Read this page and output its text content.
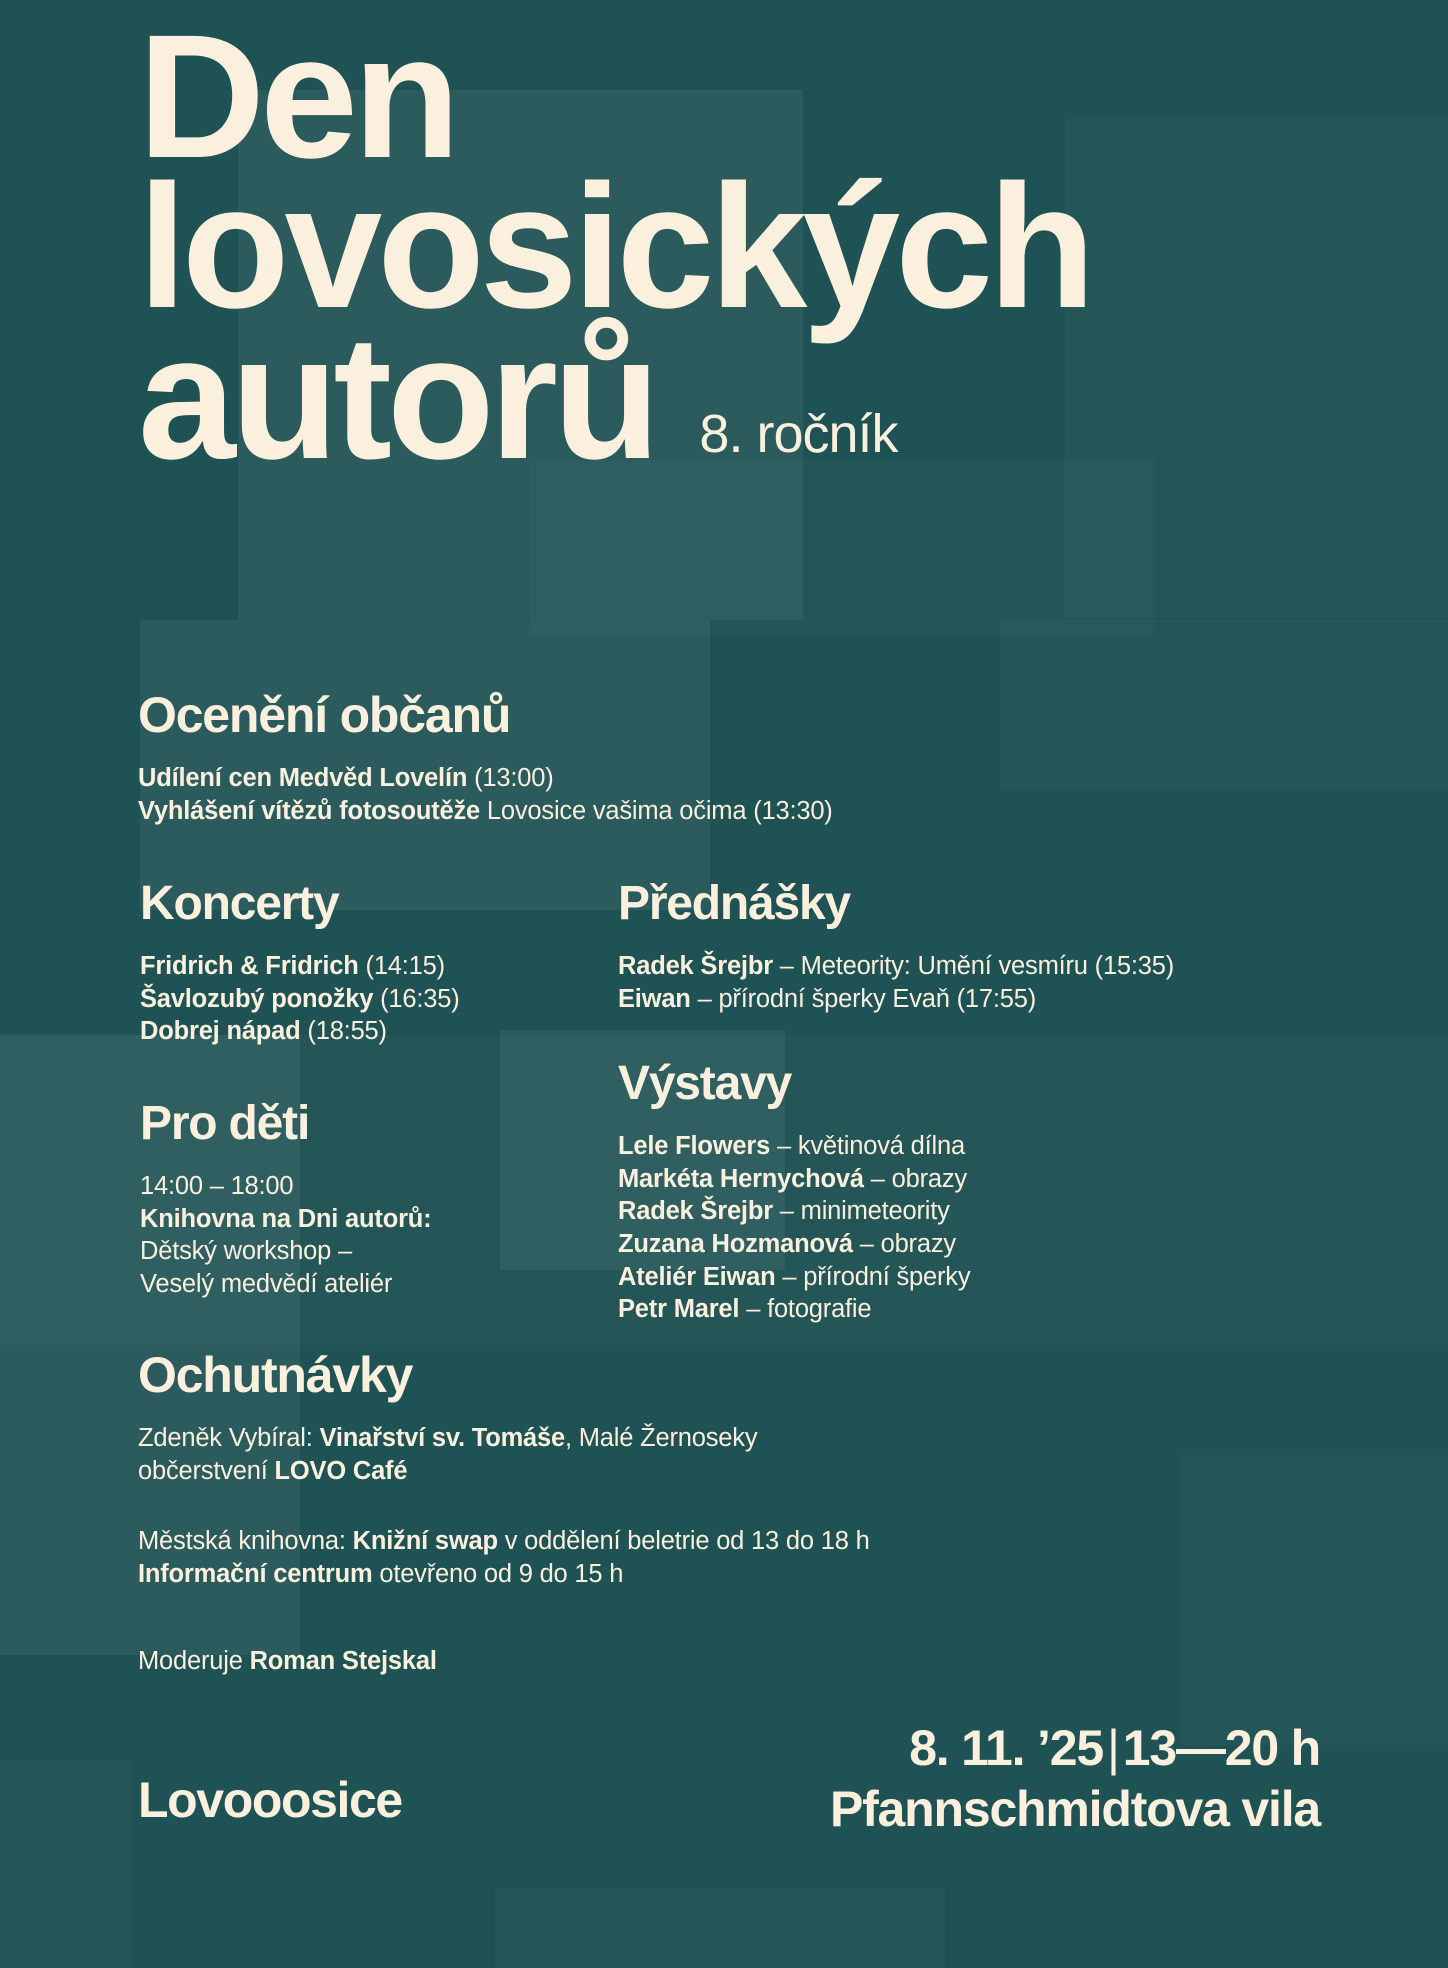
Den
lovosických
autorů 8. ročník
Ocenění občanů
Udílení cen Medvěd Lovelín (13:00)
Vyhlášení vítězů fotosoutěže Lovosice vašima očima (13:30)
Koncerty
Fridrich & Fridrich (14:15)
Šavlozubý ponožky (16:35)
Dobrej nápad (18:55)
Přednášky
Radek Šrejbr – Meteority: Umění vesmíru (15:35)
Eiwan – přírodní šperky Evaň (17:55)
Výstavy
Lele Flowers – květinová dílna
Markéta Hernychová – obrazy
Radek Šrejbr – minimeteority
Zuzana Hozmanová – obrazy
Ateliér Eiwan – přírodní šperky
Petr Marel – fotografie
Pro děti
14:00 – 18:00
Knihovna na Dni autorů:
Dětský workshop –
Veselý medvědí ateliér
Ochutnávky
Zdeněk Vybíral: Vinařství sv. Tomáše, Malé Žernoseky
občerstvení LOVO Café
Městská knihovna: Knižní swap v oddělení beletrie od 13 do 18 h
Informační centrum otevřeno od 9 do 15 h
Moderuje Roman Stejskal
Lovooosice
8. 11. ’25|13—20 h
Pfannschmidtova vila
